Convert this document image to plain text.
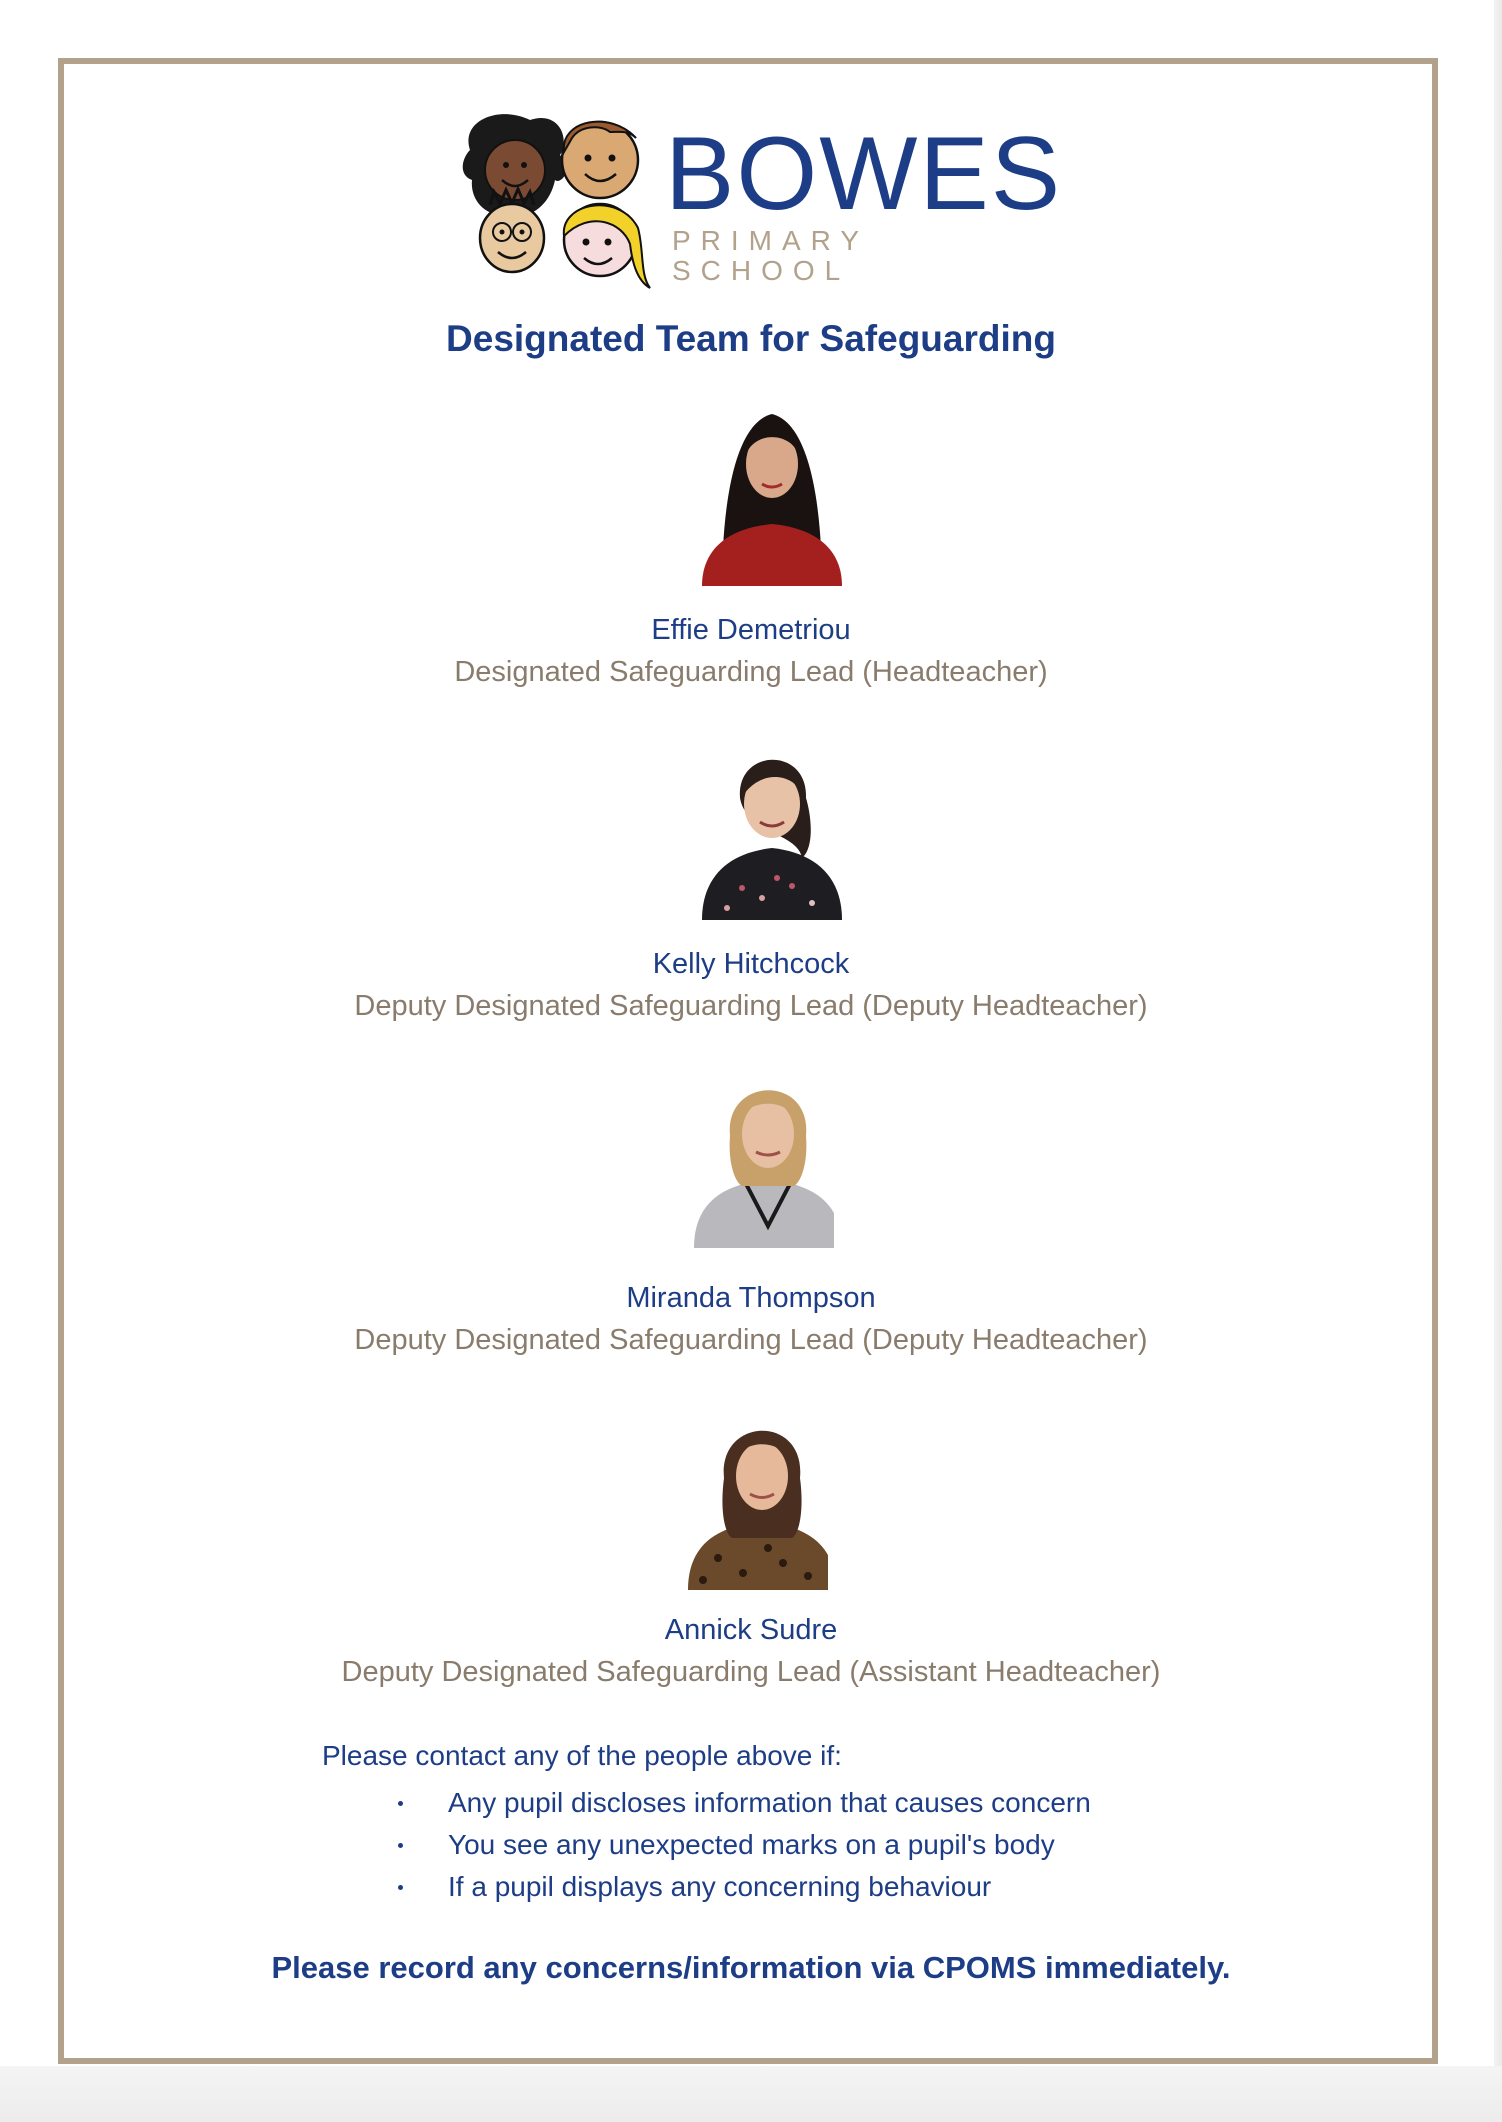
BOWES
PRIMARY SCHOOL
Designated Team for Safeguarding
Effie Demetriou
Designated Safeguarding Lead (Headteacher)
Kelly Hitchcock
Deputy Designated Safeguarding Lead (Deputy Headteacher)
Miranda Thompson
Deputy Designated Safeguarding Lead (Deputy Headteacher)
Annick Sudre
Deputy Designated Safeguarding Lead (Assistant Headteacher)
Please contact any of the people above if:
Any pupil discloses information that causes concern
You see any unexpected marks on a pupil's body
If a pupil displays any concerning behaviour
Please record any concerns/information via CPOMS immediately.
